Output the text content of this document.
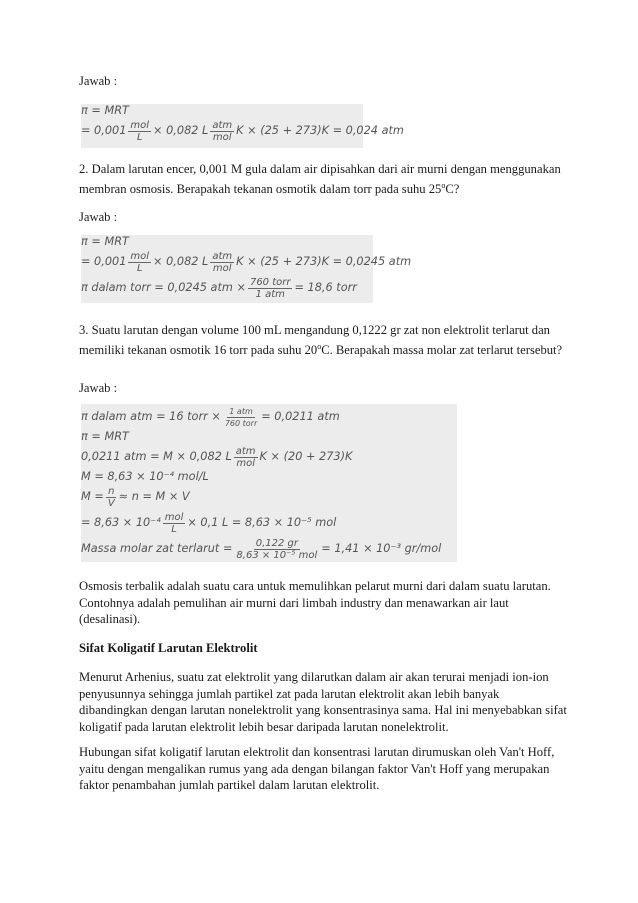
Jawab :

π = MRT
= 0,001 mol
L × 0,082 L atm
mol K × (25 + 273)K = 0,024 atm

2. Dalam larutan encer, 0,001 M gula dalam air dipisahkan dari air murni dengan menggunakan membran osmosis. Berapakah tekanan osmotik dalam torr pada suhu 25$^o$C?

Jawab :

π = MRT
= 0,001 mol
L × 0,082 L atm
mol K × (25 + 273)K = 0,0245 atm
π dalam torr = 0,0245 atm × 760 torr
1 atm = 18,6 torr

3. Suatu larutan dengan volume 100 mL mengandung 0,1222 gr zat non elektrolit terlarut dan memiliki tekanan osmotik 16 torr pada suhu 20$^o$C. Berapakah massa molar zat terlarut tersebut?

Jawab :

π dalam atm = 16 torr × 1 atm
760 torr = 0,0211 atm
π = MRT
0,0211 atm = M × 0,082 L atm
mol K × (20 + 273)K
M = 8,63 × 10⁻⁴ mol/L
$M = \frac{n}{V} \approx n = M \times V$
= 8,63 × 10⁻⁴ mol
L × 0,1 L = 8,63 × 10⁻⁵ mol
Massa molar zat terlarut = 0,122 gr
8,63 × 10⁻⁵ mol = 1,41 × 10⁻³ gr/mol

Osmosis terbalik adalah suatu cara untuk memulihkan pelarut murni dari dalam suatu larutan. Contohnya adalah pemulihan air murni dari limbah industry dan menawarkan air laut (desalinasi).

Sifat Koligatif Larutan Elektrolit

Menurut Arhenius, suatu zat elektrolit yang dilarutkan dalam air akan terurai menjadi ion-ion penyusunnya sehingga jumlah partikel zat pada larutan elektrolit akan lebih banyak dibandingkan dengan larutan nonelektrolit yang konsentrasinya sama. Hal ini menyebabkan sifat koligatif pada larutan elektrolit lebih besar daripada larutan nonelektrolit.

Hubungan sifat koligatif larutan elektrolit dan konsentrasi larutan dirumuskan oleh Van't Hoff, yaitu dengan mengalikan rumus yang ada dengan bilangan faktor Van't Hoff yang merupakan faktor penambahan jumlah partikel dalam larutan elektrolit.
